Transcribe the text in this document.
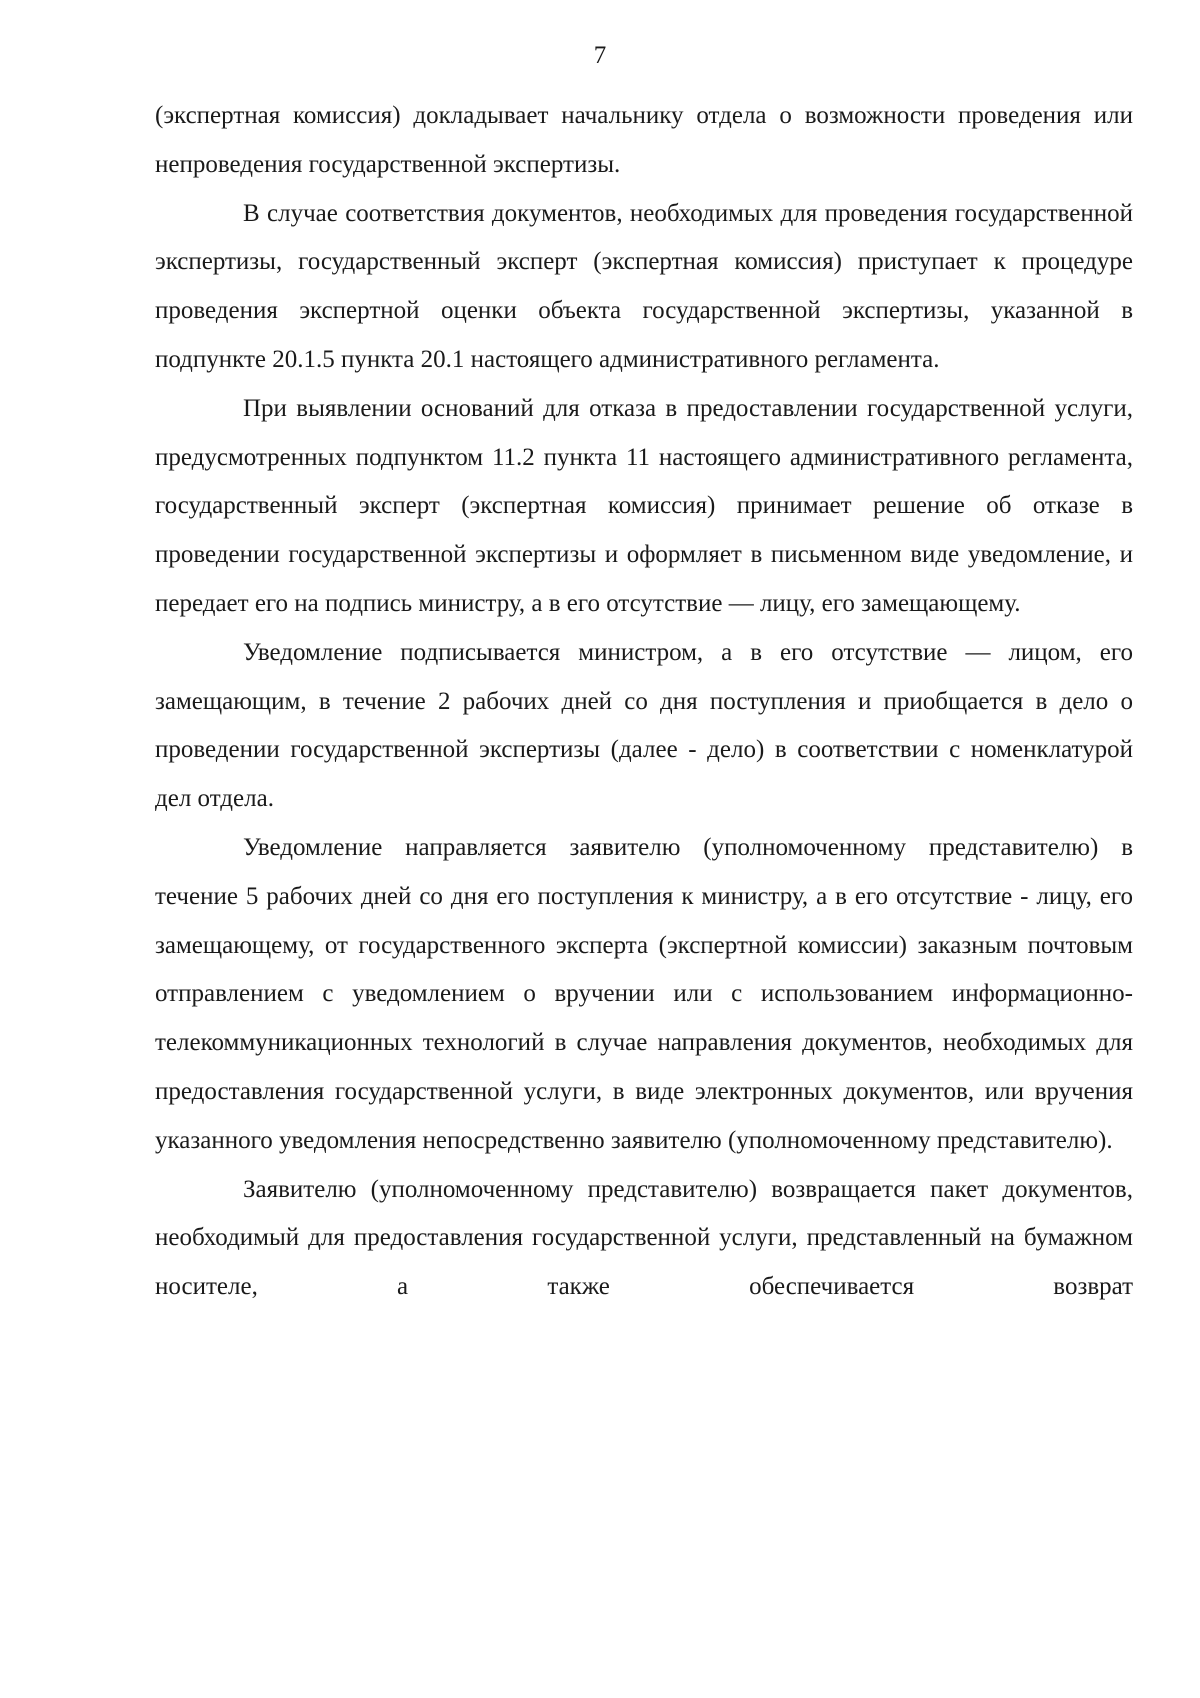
7

(экспертная комиссия) докладывает начальнику отдела о возможности проведения или непроведения государственной экспертизы.

В случае соответствия документов, необходимых для проведения государственной экспертизы, государственный эксперт (экспертная комиссия) приступает к процедуре проведения экспертной оценки объекта государственной экспертизы, указанной в подпункте 20.1.5 пункта 20.1 настоящего административного регламента.

При выявлении оснований для отказа в предоставлении государственной услуги, предусмотренных подпунктом 11.2 пункта 11 настоящего административного регламента, государственный эксперт (экспертная комиссия) принимает решение об отказе в проведении государственной экспертизы и оформляет в письменном виде уведомление, и передает его на подпись министру, а в его отсутствие — лицу, его замещающему.

Уведомление подписывается министром, а в его отсутствие — лицом, его замещающим, в течение 2 рабочих дней со дня поступления и приобщается в дело о проведении государственной экспертизы (далее - дело) в соответствии с номенклатурой дел отдела.

Уведомление направляется заявителю (уполномоченному представителю) в течение 5 рабочих дней со дня его поступления к министру, а в его отсутствие - лицу, его замещающему, от государственного эксперта (экспертной комиссии) заказным почтовым отправлением с уведомлением о вручении или с использованием информационно-телекоммуникационных технологий в случае направления документов, необходимых для предоставления государственной услуги, в виде электронных документов, или вручения указанного уведомления непосредственно заявителю (уполномоченному представителю).

Заявителю (уполномоченному представителю) возвращается пакет документов, необходимый для предоставления государственной услуги, представленный на бумажном носителе, а также обеспечивается возврат
